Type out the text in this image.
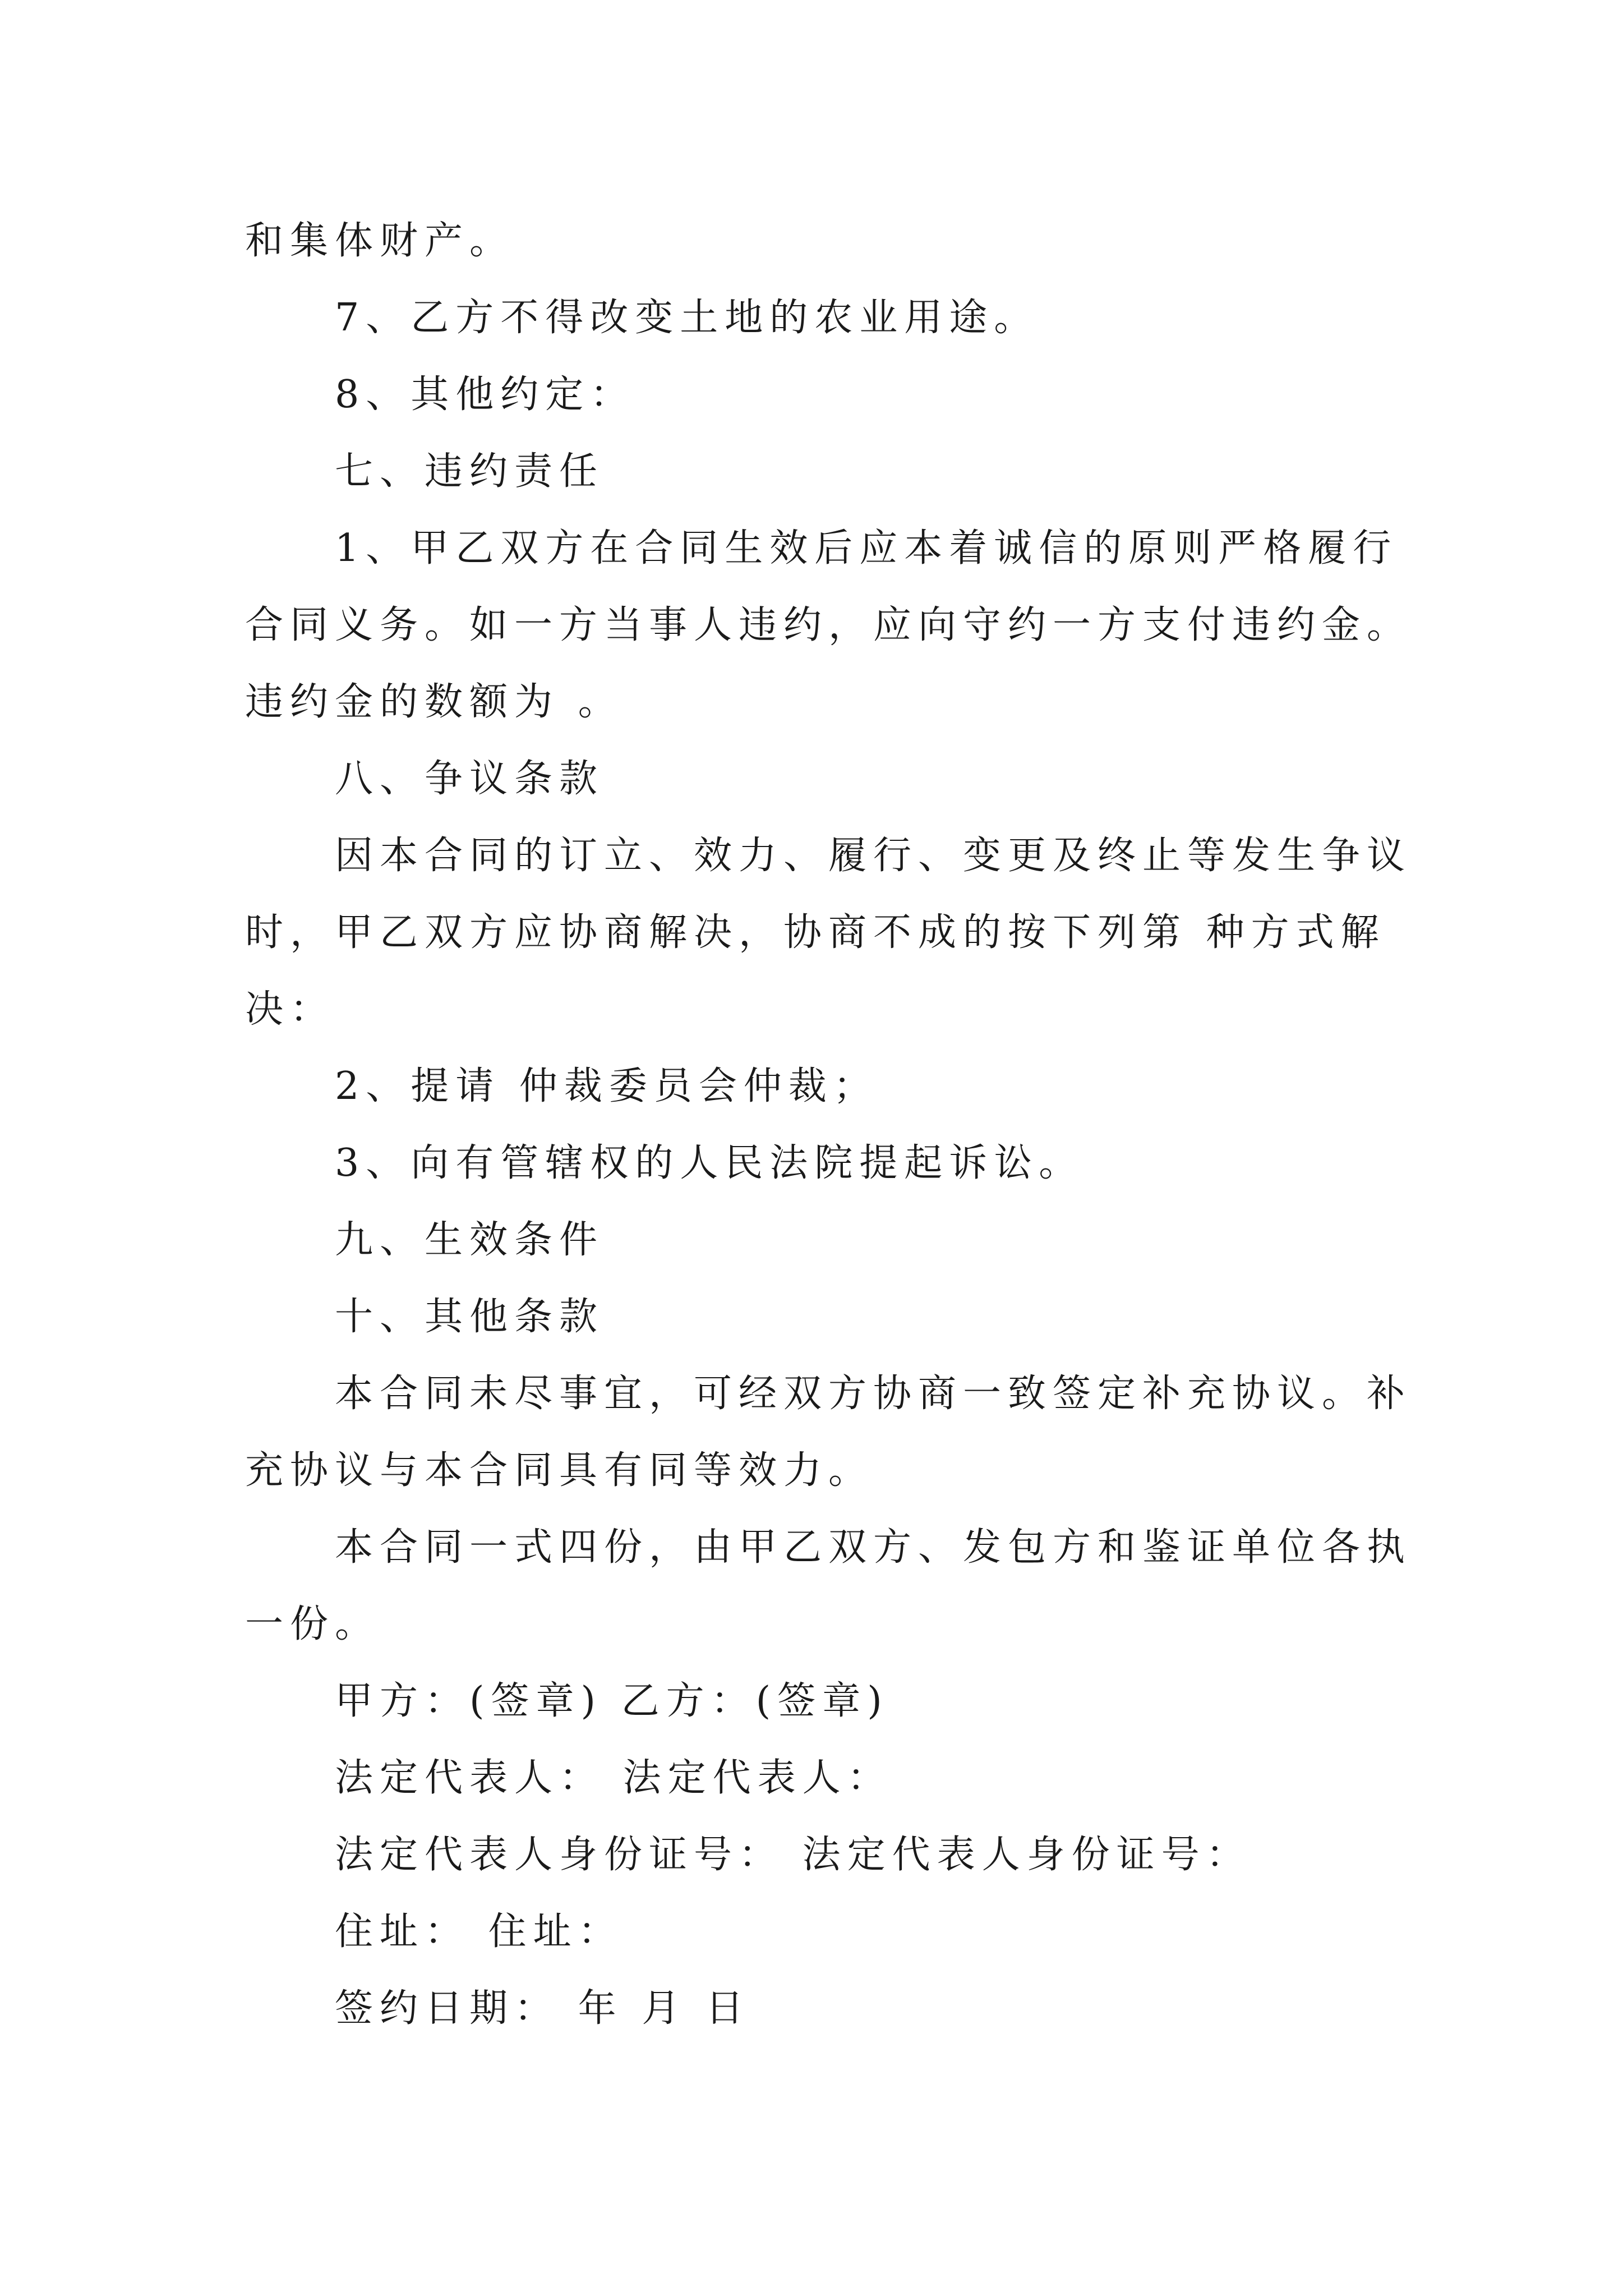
和集体财产。
7、乙方不得改变土地的农业用途。
8、其他约定：
七、违约责任
1、甲乙双方在合同生效后应本着诚信的原则严格履行
合同义务。如一方当事人违约，应向守约一方支付违约金。
违约金的数额为 。
八、争议条款
因本合同的订立、效力、履行、变更及终止等发生争议
时，甲乙双方应协商解决，协商不成的按下列第 种方式解
决：
2、提请 仲裁委员会仲裁；
3、向有管辖权的人民法院提起诉讼。
九、生效条件
十、其他条款
本合同未尽事宜，可经双方协商一致签定补充协议。补
充协议与本合同具有同等效力。
本合同一式四份，由甲乙双方、发包方和鉴证单位各执
一份。
甲方：(签章) 乙方：(签章)
法定代表人： 法定代表人：
法定代表人身份证号： 法定代表人身份证号：
住址： 住址：
签约日期： 年 月 日
